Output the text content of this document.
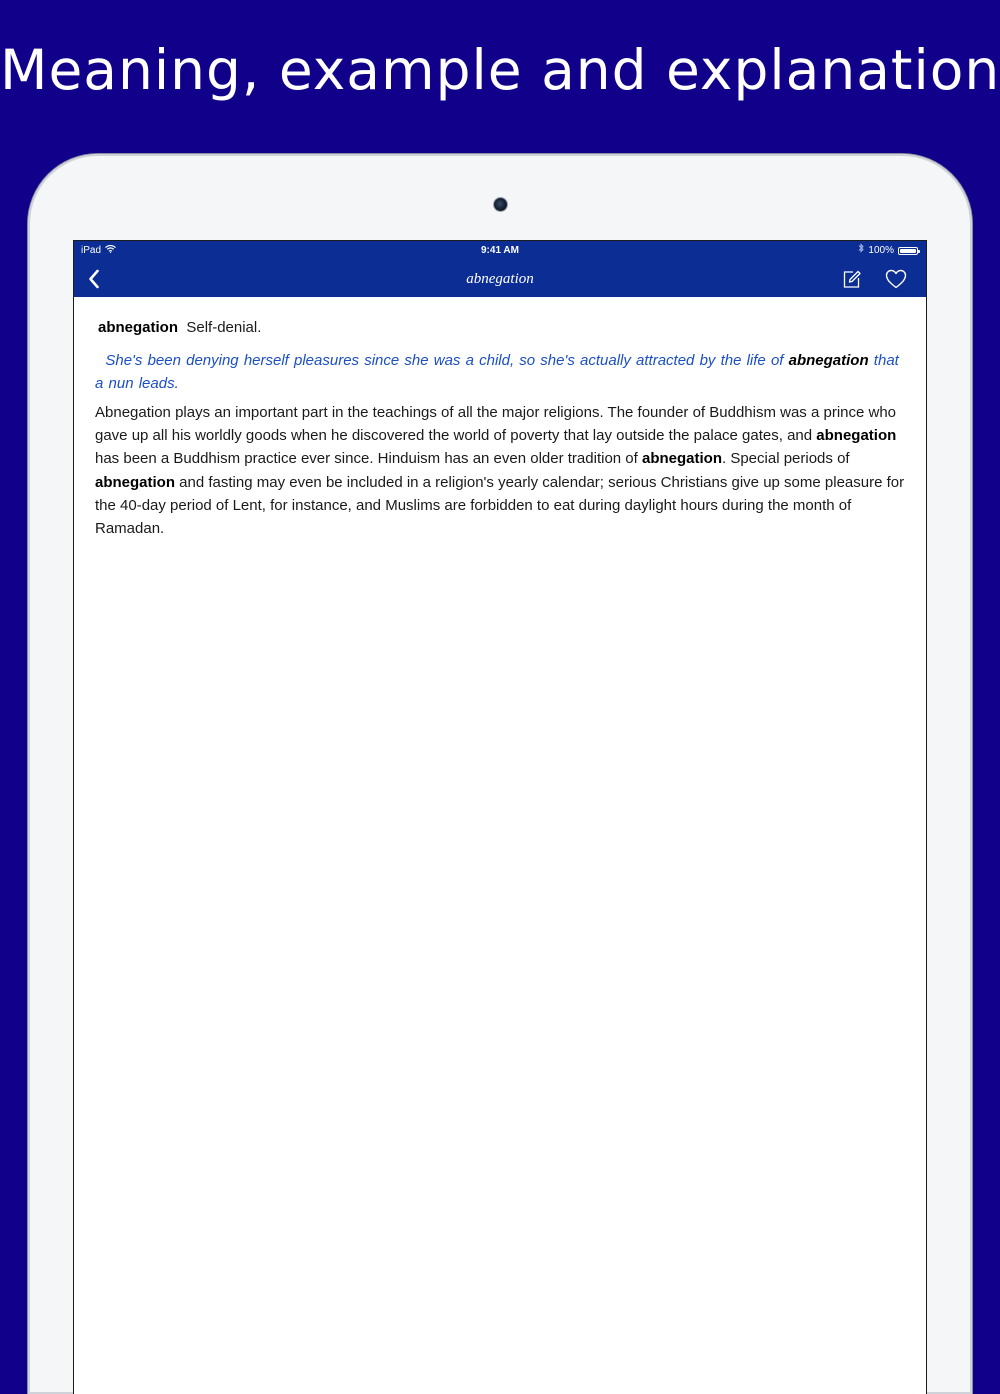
Meaning, example and explanation
iPad	9:41 AM	100%
abnegation
abnegation Self-denial.
She's been denying herself pleasures since she was a child, so she's actually attracted by the life of abnegation that a nun leads.
Abnegation plays an important part in the teachings of all the major religions. The founder of Buddhism was a prince who gave up all his worldly goods when he discovered the world of poverty that lay outside the palace gates, and abnegation has been a Buddhism practice ever since. Hinduism has an even older tradition of abnegation. Special periods of abnegation and fasting may even be included in a religion's yearly calendar; serious Christians give up some pleasure for the 40-day period of Lent, for instance, and Muslims are forbidden to eat during daylight hours during the month of Ramadan.
